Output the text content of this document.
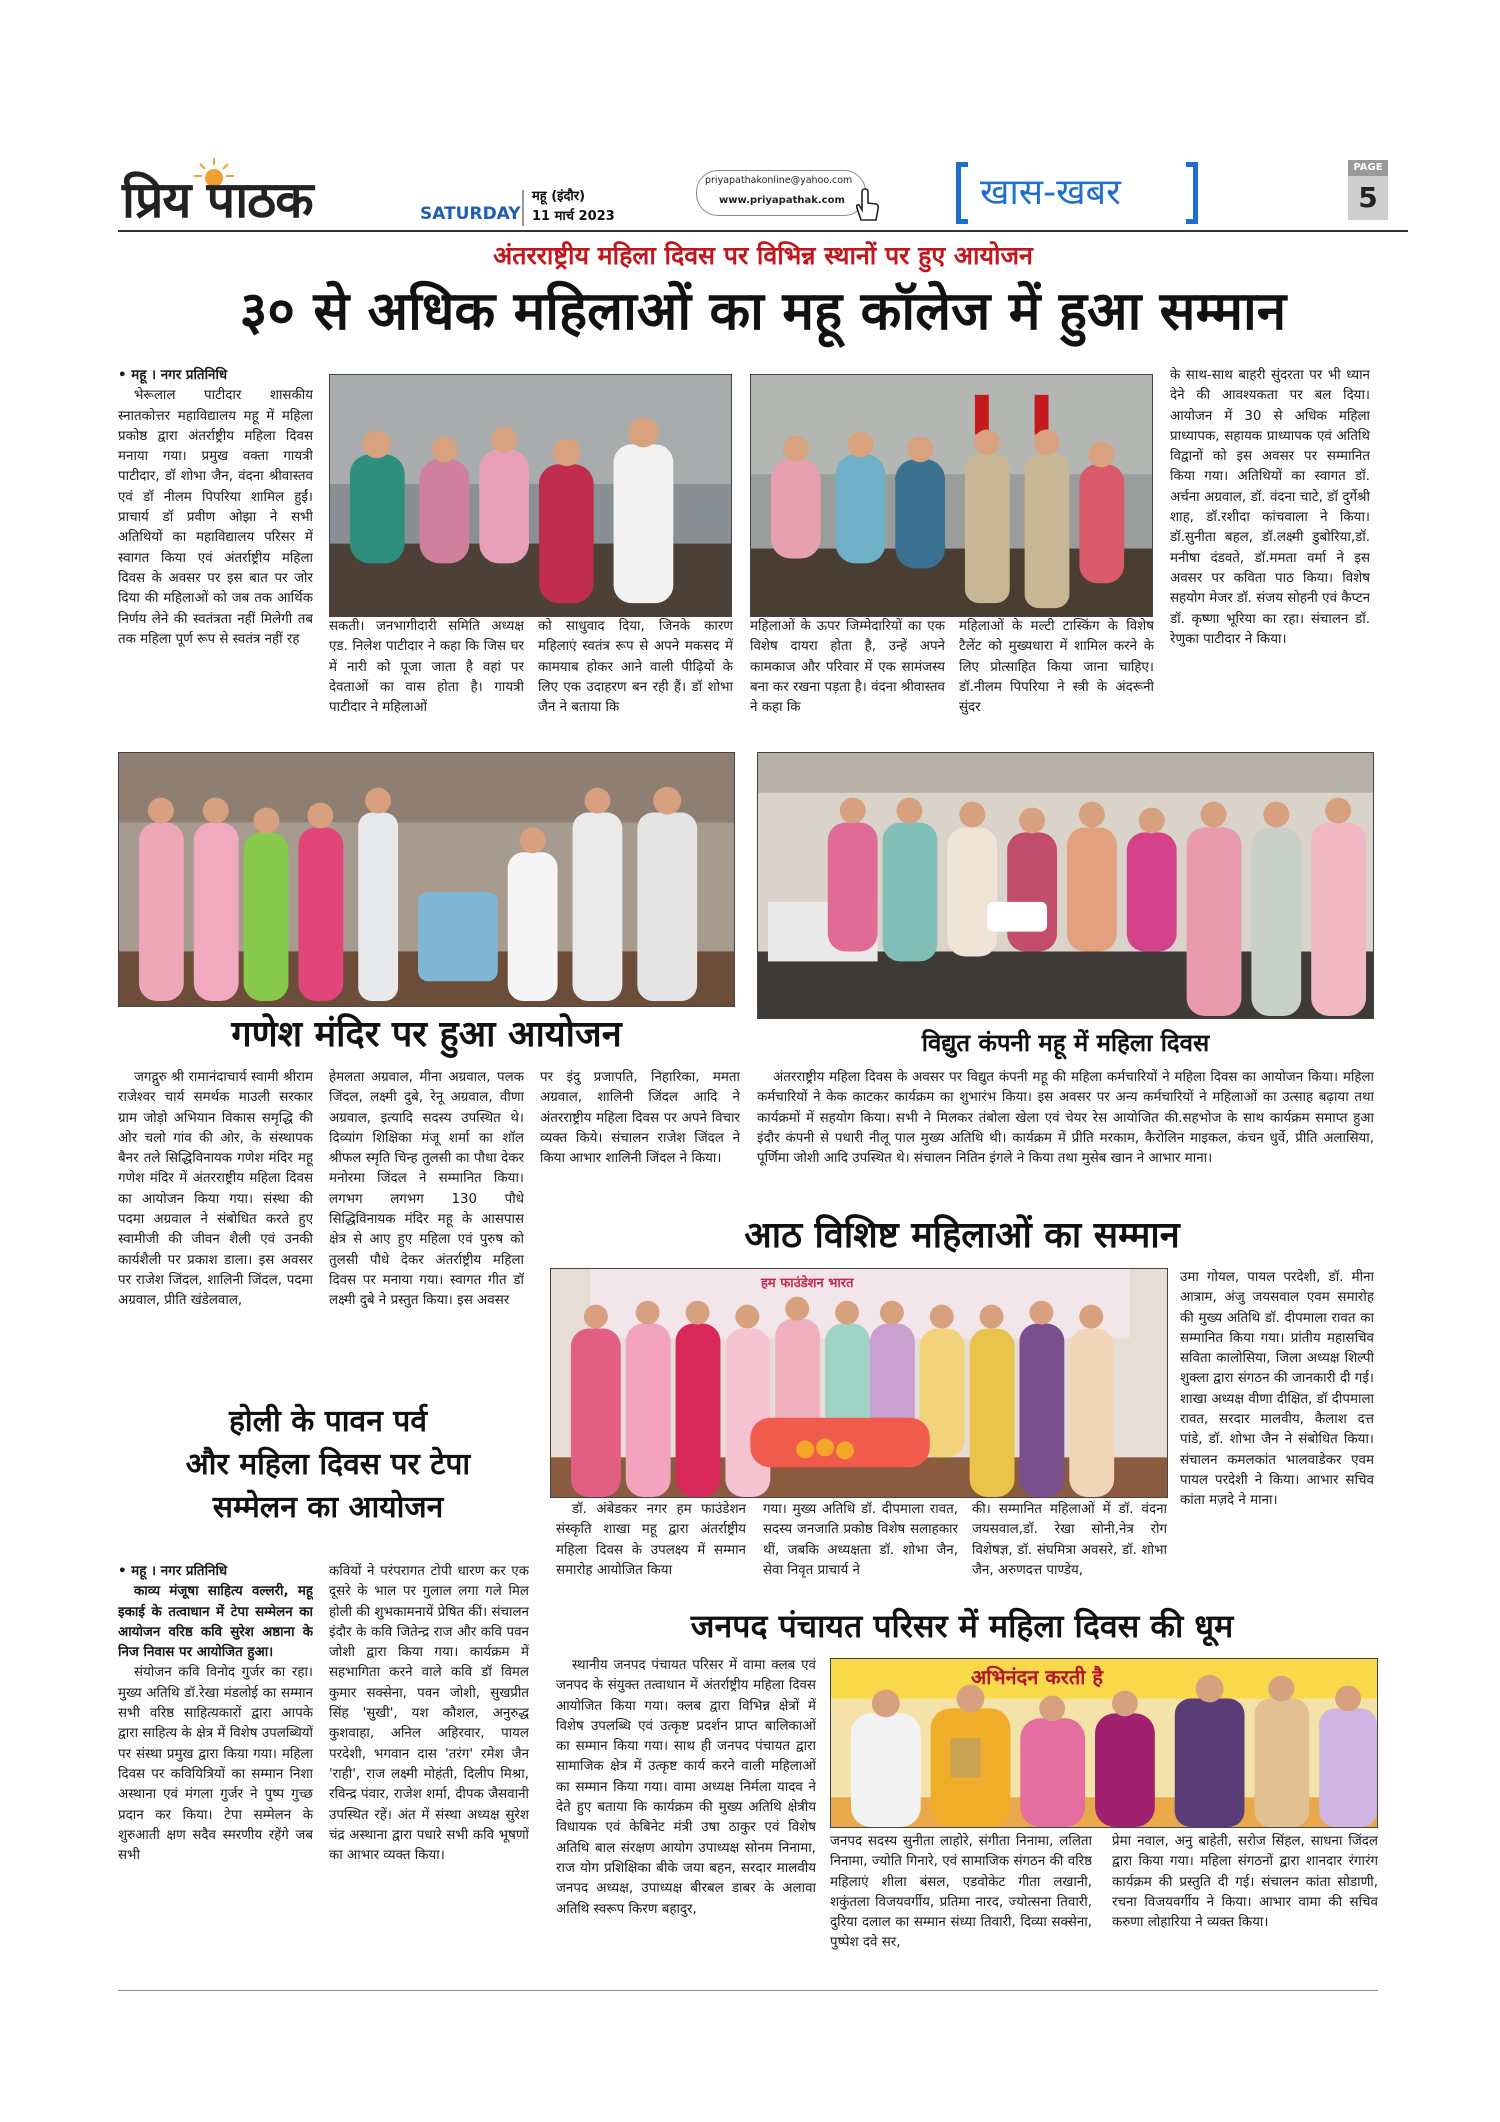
प्रिय पाठक	SATURDAY
महू (इंदौर)
11 मार्च 2023
priyapathakonline@yahoo.com
www.priyapathak.com	खास-खबर
PAGE
5
अंतरराष्ट्रीय महिला दिवस पर विभिन्न स्थानों पर हुए आयोजन
३० से अधिक महिलाओं का महू कॉलेज में हुआ सम्मान

• महू । नगर प्रतिनिधि

भेरूलाल पाटीदार शासकीय स्नातकोत्तर महाविद्यालय महू में महिला प्रकोष्ठ द्वारा अंतर्राष्ट्रीय महिला दिवस मनाया गया। प्रमुख वक्ता गायत्री पाटीदार, डॉ शोभा जैन, वंदना श्रीवास्तव एवं डॉ नीलम पिपरिया शामिल हुईं। प्राचार्य डॉ प्रवीण ओझा ने सभी अतिथियों का महाविद्यालय परिसर में स्वागत किया एवं अंतर्राष्ट्रीय महिला दिवस के अवसर पर इस बात पर जोर दिया की महिलाओं को जब तक आर्थिक निर्णय लेने की स्वतंत्रता नहीं मिलेगी तब तक महिला पूर्ण रूप से स्वतंत्र नहीं रह

सकती। जनभागीदारी समिति अध्यक्ष एड. निलेश पाटीदार ने कहा कि जिस घर में नारी को पूजा जाता है वहां पर देवताओं का वास होता है। गायत्री पाटीदार ने महिलाओं

को साधुवाद दिया, जिनके कारण महिलाएं स्वतंत्र रूप से अपने मकसद में कामयाब होकर आने वाली पीढ़ियों के लिए एक उदाहरण बन रही हैं। डॉ शोभा जैन ने बताया कि

महिलाओं के ऊपर जिम्मेदारियों का एक विशेष दायरा होता है, उन्हें अपने कामकाज और परिवार में एक सामंजस्य बना कर रखना पड़ता है। वंदना श्रीवास्तव ने कहा कि

महिलाओं के मल्टी टास्किंग के विशेष टैलेंट को मुख्यधारा में शामिल करने के लिए प्रोत्साहित किया जाना चाहिए। डॉ.नीलम पिपरिया ने स्त्री के अंदरूनी सुंदर

के साथ-साथ बाहरी सुंदरता पर भी ध्यान देने की आवश्यकता पर बल दिया। आयोजन में 30 से अधिक महिला प्राध्यापक, सहायक प्राध्यापक एवं अतिथि विद्वानों को इस अवसर पर सम्मानित किया गया। अतिथियों का स्वागत डॉ. अर्चना अग्रवाल, डॉ. वंदना चाटे, डॉ दुर्गेश्री शाह, डॉ.रशीदा कांचवाला ने किया। डॉ.सुनीता बहल, डॉ.लक्ष्मी डुबोरिया,डॉ. मनीषा दंडवते, डॉ.ममता वर्मा ने इस अवसर पर कविता पाठ किया। विशेष सहयोग मेजर डॉ. संजय सोहनी एवं कैप्टन डॉ. कृष्णा भूरिया का रहा। संचालन डॉ. रेणुका पाटीदार ने किया।

गणेश मंदिर पर हुआ आयोजन

जगद्गुरु श्री रामानंदाचार्य स्वामी श्रीराम राजेश्वर चार्य समर्थक माउली सरकार ग्राम जोड़ो अभियान विकास समृद्धि की ओर चलो गांव की ओर, के संस्थापक बैनर तले सिद्धिविनायक गणेश मंदिर महू गणेश मंदिर में अंतरराष्ट्रीय महिला दिवस का आयोजन किया गया। संस्था की पदमा अग्रवाल ने संबोधित करते हुए स्वामीजी की जीवन शैली एवं उनकी कार्यशैली पर प्रकाश डाला। इस अवसर पर राजेश जिंदल, शालिनी जिंदल, पदमा अग्रवाल, प्रीति खंडेलवाल,

हेमलता अग्रवाल, मीना अग्रवाल, पलक जिंदल, लक्ष्मी दुबे, रेनू अग्रवाल, वीणा अग्रवाल, इत्यादि सदस्य उपस्थित थे। दिव्यांग शिक्षिका मंजू शर्मा का शॉल श्रीफल स्मृति चिन्ह तुलसी का पौधा देकर मनोरमा जिंदल ने सम्मानित किया। लगभग लगभग 130 पौधे सिद्धिविनायक मंदिर महू के आसपास क्षेत्र से आए हुए महिला एवं पुरुष को तुलसी पौधे देकर अंतर्राष्ट्रीय महिला दिवस पर मनाया गया। स्वागत गीत डॉ लक्ष्मी दुबे ने प्रस्तुत किया। इस अवसर

पर इंदु प्रजापति, निहारिका, ममता अग्रवाल, शालिनी जिंदल आदि ने अंतरराष्ट्रीय महिला दिवस पर अपने विचार व्यक्त किये। संचालन राजेश जिंदल ने किया आभार शालिनी जिंदल ने किया।

विद्युत कंपनी महू में महिला दिवस

अंतरराष्ट्रीय महिला दिवस के अवसर पर विद्युत कंपनी महू की महिला कर्मचारियों ने महिला दिवस का आयोजन किया। महिला कर्मचारियों ने केक काटकर कार्यक्रम का शुभारंभ किया। इस अवसर पर अन्य कर्मचारियों ने महिलाओं का उत्साह बढ़ाया तथा कार्यक्रमों में सहयोग किया। सभी ने मिलकर तंबोला खेला एवं चेयर रेस आयोजित की.सहभोज के साथ कार्यक्रम समाप्त हुआ इंदौर कंपनी से पधारी नीलू पाल मुख्य अतिथि थी। कार्यक्रम में प्रीति मरकाम, कैरोलिन माइकल, कंचन धुर्वे, प्रीति अलासिया, पूर्णिमा जोशी आदि उपस्थित थे। संचालन नितिन इंगले ने किया तथा मुसेब खान ने आभार माना।

आठ विशिष्ट महिलाओं का सम्मान
हम फाउंडेशन भारत

डॉ. अंबेडकर नगर हम फाउंडेशन संस्कृति शाखा महू द्वारा अंतर्राष्ट्रीय महिला दिवस के उपलक्ष्य में सम्मान समारोह आयोजित किया

गया। मुख्य अतिथि डॉ. दीपमाला रावत, सदस्य जनजाति प्रकोष्ठ विशेष सलाहकार थीं, जबकि अध्यक्षता डॉ. शोभा जैन, सेवा निवृत प्राचार्य ने

की। सम्मानित महिलाओं में डॉ. वंदना जयसवाल,डॉ. रेखा सोनी,नेत्र रोग विशेषज्ञ, डॉ. संघमित्रा अवसरे, डॉ. शोभा जैन, अरुणदत्त पाण्डेय,

उमा गोयल, पायल परदेशी, डॉ. मीना आत्राम, अंजु जयसवाल एवम समारोह की मुख्य अतिथि डॉ. दीपमाला रावत का सम्मानित किया गया। प्रांतीय महासचिव सविता कालोसिया, जिला अध्यक्ष शिल्पी शुक्ला द्वारा संगठन की जानकारी दी गई। शाखा अध्यक्ष वीणा दीक्षित, डॉ दीपमाला रावत, सरदार मालवीय, कैलाश दत्त पांडे, डॉ. शोभा जैन ने संबोधित किया। संचालन कमलकांत भालवाडेकर एवम पायल परदेशी ने किया। आभार सचिव कांता मज़दे ने माना।

होली के पावन पर्व
और महिला दिवस पर टेपा
सम्मेलन का आयोजन

• महू । नगर प्रतिनिधि

काव्य मंजूषा साहित्य वल्लरी, महू इकाई के तत्वाधान में टेपा सम्मेलन का आयोजन वरिष्ठ कवि सुरेश अष्ठाना के निज निवास पर आयोजित हुआ।

संयोजन कवि विनोद गुर्जर का रहा। मुख्य अतिथि डॉ.रेखा मंडलोई का सम्मान सभी वरिष्ठ साहित्यकारों द्वारा आपके द्वारा साहित्य के क्षेत्र में विशेष उपलब्धियों पर संस्था प्रमुख द्वारा किया गया। महिला दिवस पर कवियित्रियों का सम्मान निशा अस्थाना एवं मंगला गुर्जर ने पुष्प गुच्छ प्रदान कर किया। टेपा सम्मेलन के शुरुआती क्षण सदैव स्मरणीय रहेंगे जब सभी

कवियों ने परंपरागत टोपी धारण कर एक दूसरे के भाल पर गुलाल लगा गले मिल होली की शुभकामनायें प्रेषित कीं। संचालन इंदौर के कवि जितेन्द्र राज और कवि पवन जोशी द्वारा किया गया। कार्यक्रम में सहभागिता करने वाले कवि डॉ विमल कुमार सक्सेना, पवन जोशी, सुखप्रीत सिंह 'सुखी', यश कौशल, अनुरुद्ध कुशवाहा, अनिल अहिरवार, पायल परदेशी, भगवान दास 'तरंग' रमेश जैन 'राही', राज लक्ष्मी मोहंती, दिलीप मिश्रा, रविन्द्र पंवार, राजेश शर्मा, दीपक जैसवानी उपस्थित रहें। अंत में संस्था अध्यक्ष सुरेश चंद्र अस्थाना द्वारा पधारे सभी कवि भूषणों का आभार व्यक्त किया।

जनपद पंचायत परिसर में महिला दिवस की धूम

स्थानीय जनपद पंचायत परिसर में वामा क्लब एवं जनपद के संयुक्त तत्वाधान में अंतर्राष्ट्रीय महिला दिवस आयोजित किया गया। क्लब द्वारा विभिन्न क्षेत्रों में विशेष उपलब्धि एवं उत्कृष्ट प्रदर्शन प्राप्त बालिकाओं का सम्मान किया गया। साथ ही जनपद पंचायत द्वारा सामाजिक क्षेत्र में उत्कृष्ट कार्य करने वाली महिलाओं का सम्मान किया गया। वामा अध्यक्ष निर्मला यादव ने देते हुए बताया कि कार्यक्रम की मुख्य अतिथि क्षेत्रीय विधायक एवं केबिनेट मंत्री उषा ठाकुर एवं विशेष अतिथि बाल संरक्षण आयोग उपाध्यक्ष सोनम निनामा, राज योग प्रशिक्षिका बीके जया बहन, सरदार मालवीय जनपद अध्यक्ष, उपाध्यक्ष बीरबल डाबर के अलावा अतिथि स्वरूप किरण बहादुर,

अभिनंदन करती है

जनपद सदस्य सुनीता लाहोरे, संगीता निनामा, ललिता निनामा, ज्योति गिनारे, एवं सामाजिक संगठन की वरिष्ठ महिलाएं शीला बंसल, एडवोकेट गीता लखानी, शकुंतला विजयवर्गीय, प्रतिमा नारद, ज्योत्सना तिवारी, दुरिया दलाल का सम्मान संध्या तिवारी, दिव्या सक्सेना, पुष्पेश दवे सर,

प्रेमा नवाल, अनु बाहेती, सरोज सिंहल, साधना जिंदल द्वारा किया गया। महिला संगठनों द्वारा शानदार रंगारंग कार्यक्रम की प्रस्तुति दी गई। संचालन कांता सोडाणी, रचना विजयवर्गीय ने किया। आभार वामा की सचिव करुणा लोहारिया ने व्यक्त किया।
